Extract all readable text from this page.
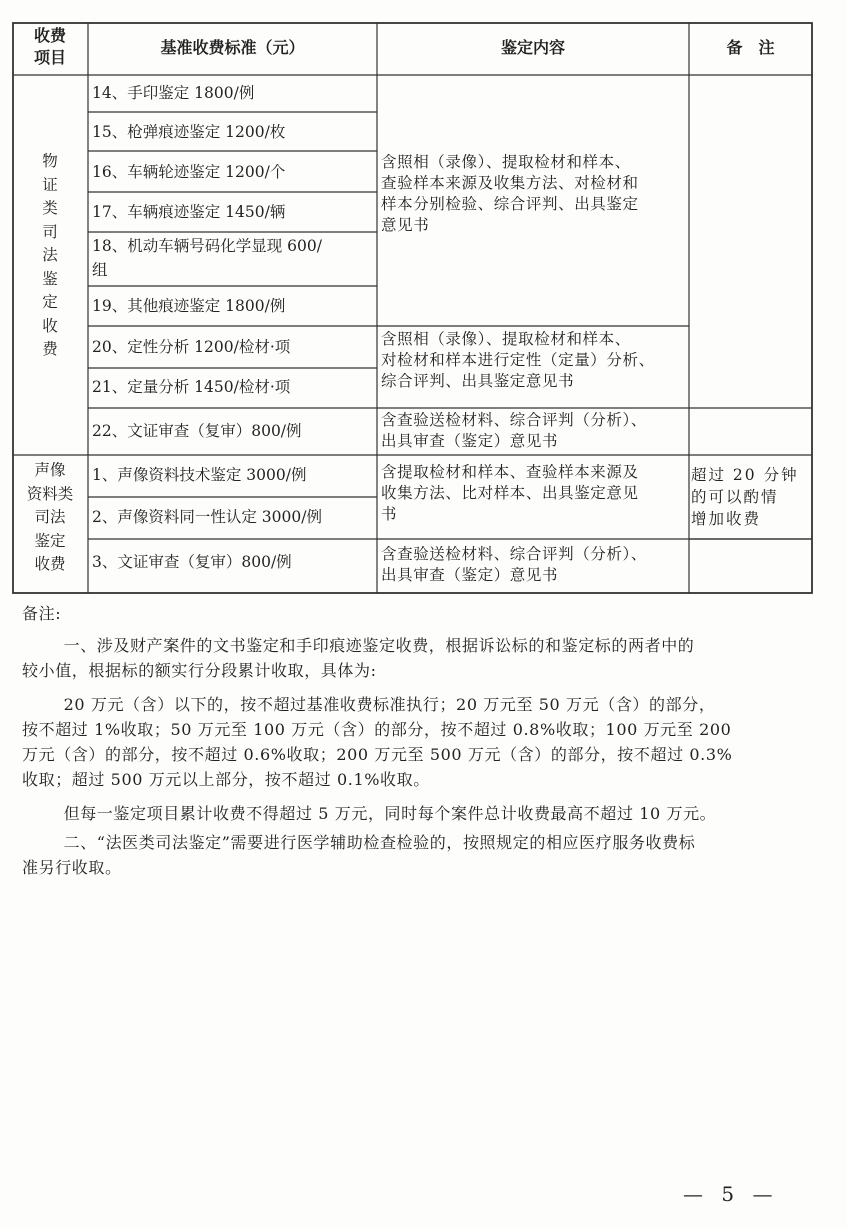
收费
项目
基准收费标准（元）	鉴定内容	备　注
物
证
类
司
法
鉴
定
收
费
14、手印鉴定 1800/例
15、枪弹痕迹鉴定 1200/枚
16、车辆轮迹鉴定 1200/个
17、车辆痕迹鉴定 1450/辆
18、机动车辆号码化学显现 600/
组
19、其他痕迹鉴定 1800/例
20、定性分析 1200/检材·项
21、定量分析 1450/检材·项
22、文证审查（复审）800/例
含照相（录像）、提取检材和样本、
查验样本来源及收集方法、对检材和
样本分别检验、综合评判、出具鉴定
意见书
含照相（录像）、提取检材和样本、
对检材和样本进行定性（定量）分析、
综合评判、出具鉴定意见书
含查验送检材料、综合评判（分析）、
出具审查（鉴定）意见书
声像
资料类
司法
鉴定
收费
1、声像资料技术鉴定 3000/例
2、声像资料同一性认定 3000/例
3、文证审查（复审）800/例
含提取检材和样本、查验样本来源及
收集方法、比对样本、出具鉴定意见
书
含查验送检材料、综合评判（分析）、
出具审查（鉴定）意见书
超过 20 分钟
的可以酌情
增加收费

备注:

一、涉及财产案件的文书鉴定和手印痕迹鉴定收费，根据诉讼标的和鉴定标的两者中的

较小值，根据标的额实行分段累计收取，具体为:

20 万元（含）以下的，按不超过基准收费标准执行；20 万元至 50 万元（含）的部分，

按不超过 1%收取；50 万元至 100 万元（含）的部分，按不超过 0.8%收取；100 万元至 200

万元（含）的部分，按不超过 0.6%收取；200 万元至 500 万元（含）的部分，按不超过 0.3%

收取；超过 500 万元以上部分，按不超过 0.1%收取。

但每一鉴定项目累计收费不得超过 5 万元，同时每个案件总计收费最高不超过 10 万元。

二、“法医类司法鉴定”需要进行医学辅助检查检验的，按照规定的相应医疗服务收费标

准另行收取。

— 5 —
